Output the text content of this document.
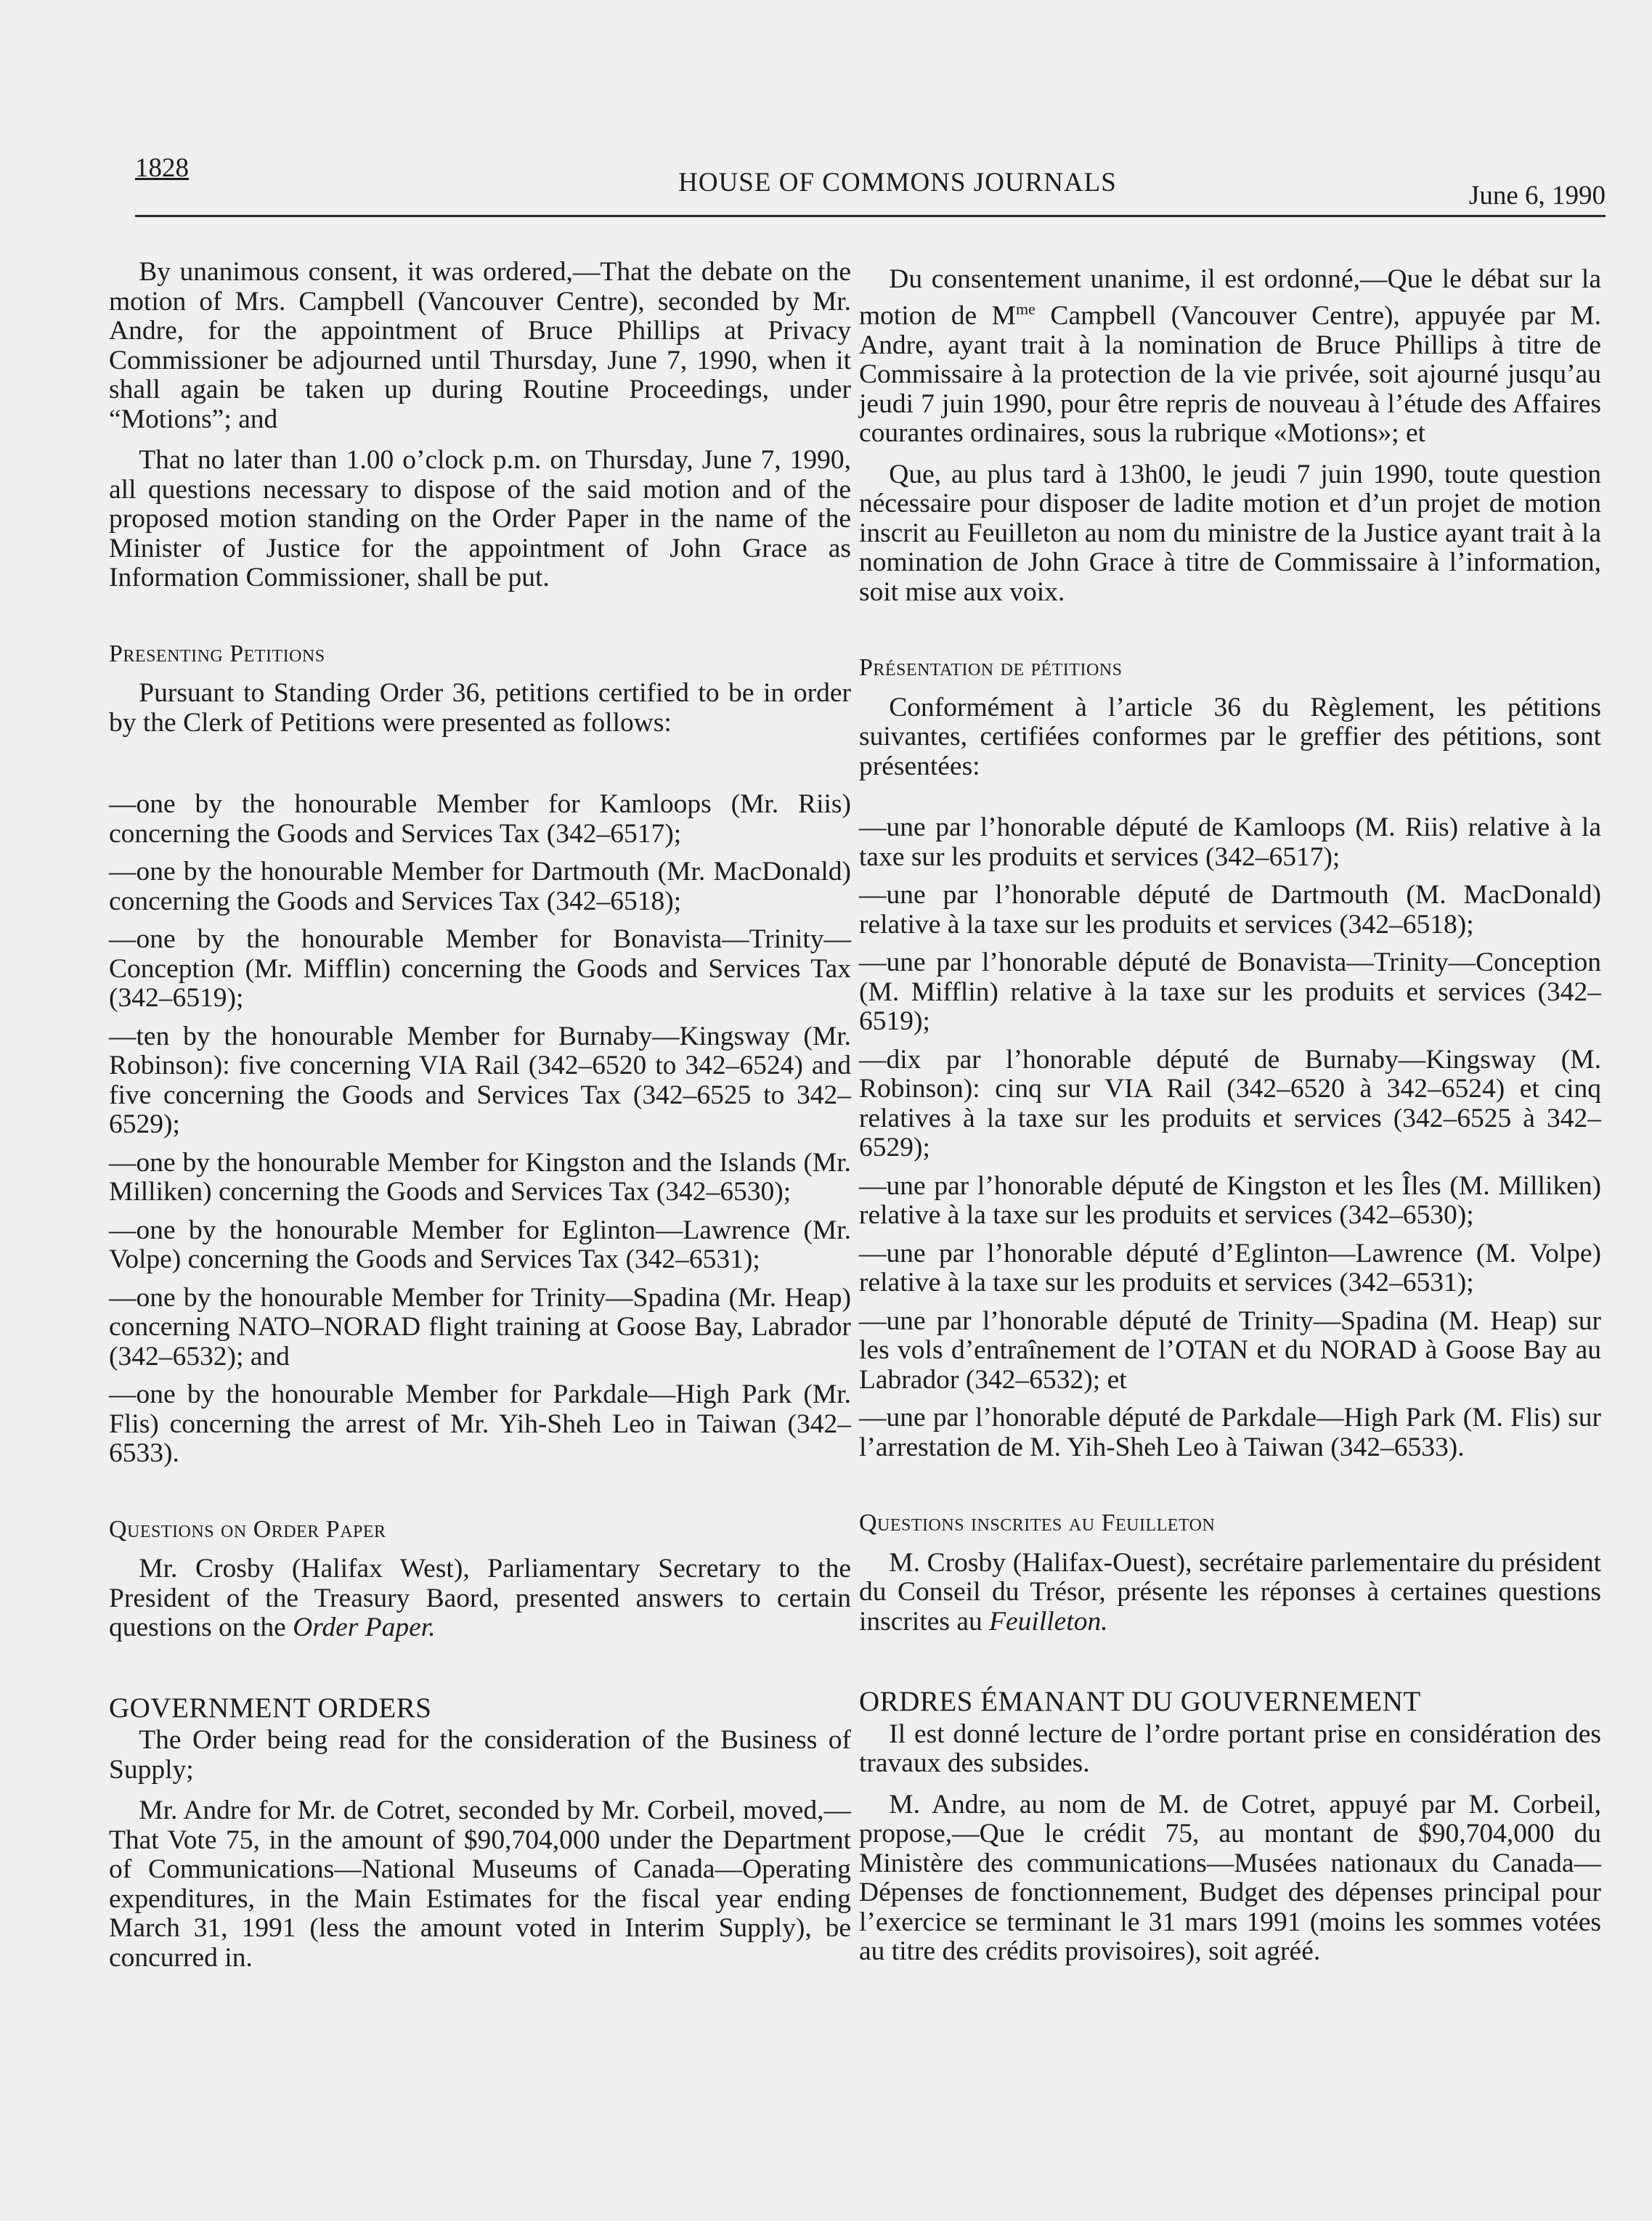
1828	HOUSE OF COMMONS JOURNALS	June 6, 1990

By unanimous consent, it was ordered,—That the debate on the motion of Mrs. Campbell (Vancouver Centre), seconded by Mr. Andre, for the appointment of Bruce Phillips at Privacy Commissioner be adjourned until Thursday, June 7, 1990, when it shall again be taken up during Routine Proceedings, under “Motions”; and

That no later than 1.00 o’clock p.m. on Thursday, June 7, 1990, all questions necessary to dispose of the said motion and of the proposed motion standing on the Order Paper in the name of the Minister of Justice for the appointment of John Grace as Information Commissioner, shall be put.

Presenting Petitions

Pursuant to Standing Order 36, petitions certified to be in order by the Clerk of Petitions were presented as follows:

—one by the honourable Member for Kamloops (Mr. Riis) concerning the Goods and Services Tax (342–6517);

—one by the honourable Member for Dartmouth (Mr. MacDonald) concerning the Goods and Services Tax (342–6518);

—one by the honourable Member for Bonavista—Trinity—Conception (Mr. Mifflin) concerning the Goods and Services Tax (342–6519);

—ten by the honourable Member for Burnaby—Kingsway (Mr. Robinson): five concerning VIA Rail (342–6520 to 342–6524) and five concerning the Goods and Services Tax (342–6525 to 342–6529);

—one by the honourable Member for Kingston and the Islands (Mr. Milliken) concerning the Goods and Services Tax (342–6530);

—one by the honourable Member for Eglinton—Lawrence (Mr. Volpe) concerning the Goods and Services Tax (342–6531);

—one by the honourable Member for Trinity—Spadina (Mr. Heap) concerning NATO–NORAD flight training at Goose Bay, Labrador (342–6532); and

—one by the honourable Member for Parkdale—High Park (Mr. Flis) concerning the arrest of Mr. Yih-Sheh Leo in Taiwan (342–6533).

Questions on Order Paper

Mr. Crosby (Halifax West), Parliamentary Secretary to the President of the Treasury Baord, presented answers to certain questions on the Order Paper.

GOVERNMENT ORDERS

The Order being read for the consideration of the Business of Supply;

Mr. Andre for Mr. de Cotret, seconded by Mr. Corbeil, moved,—That Vote 75, in the amount of $90,704,000 under the Department of Communications—National Museums of Canada—Operating expenditures, in the Main Estimates for the fiscal year ending March 31, 1991 (less the amount voted in Interim Supply), be concurred in.

Du consentement unanime, il est ordonné,—Que le débat sur la motion de $M^{me}$ Campbell (Vancouver Centre), appuyée par M. Andre, ayant trait à la nomination de Bruce Phillips à titre de Commissaire à la protection de la vie privée, soit ajourné jusqu’au jeudi 7 juin 1990, pour être repris de nouveau à l’étude des Affaires courantes ordinaires, sous la rubrique «Motions»; et

Que, au plus tard à 13h00, le jeudi 7 juin 1990, toute question nécessaire pour disposer de ladite motion et d’un projet de motion inscrit au Feuilleton au nom du ministre de la Justice ayant trait à la nomination de John Grace à titre de Commissaire à l’information, soit mise aux voix.

Présentation de pétitions

Conformément à l’article 36 du Règlement, les pétitions suivantes, certifiées conformes par le greffier des pétitions, sont présentées:

—une par l’honorable député de Kamloops (M. Riis) relative à la taxe sur les produits et services (342–6517);

—une par l’honorable député de Dartmouth (M. MacDonald) relative à la taxe sur les produits et services (342–6518);

—une par l’honorable député de Bonavista—Trinity—Conception (M. Mifflin) relative à la taxe sur les produits et services (342–6519);

—dix par l’honorable député de Burnaby—Kingsway (M. Robinson): cinq sur VIA Rail (342–6520 à 342–6524) et cinq relatives à la taxe sur les produits et services (342–6525 à 342–6529);

—une par l’honorable député de Kingston et les Îles (M. Milliken) relative à la taxe sur les produits et services (342–6530);

—une par l’honorable député d’Eglinton—Lawrence (M. Volpe) relative à la taxe sur les produits et services (342–6531);

—une par l’honorable député de Trinity—Spadina (M. Heap) sur les vols d’entraînement de l’OTAN et du NORAD à Goose Bay au Labrador (342–6532); et

—une par l’honorable député de Parkdale—High Park (M. Flis) sur l’arrestation de M. Yih-Sheh Leo à Taiwan (342–6533).

Questions inscrites au Feuilleton

M. Crosby (Halifax-Ouest), secrétaire parlementaire du président du Conseil du Trésor, présente les réponses à certaines questions inscrites au Feuilleton.

ORDRES ÉMANANT DU GOUVERNEMENT

Il est donné lecture de l’ordre portant prise en considération des travaux des subsides.

M. Andre, au nom de M. de Cotret, appuyé par M. Corbeil, propose,—Que le crédit 75, au montant de $90,704,000 du Ministère des communications—Musées nationaux du Canada—Dépenses de fonctionnement, Budget des dépenses principal pour l’exercice se terminant le 31 mars 1991 (moins les sommes votées au titre des crédits provisoires), soit agréé.
